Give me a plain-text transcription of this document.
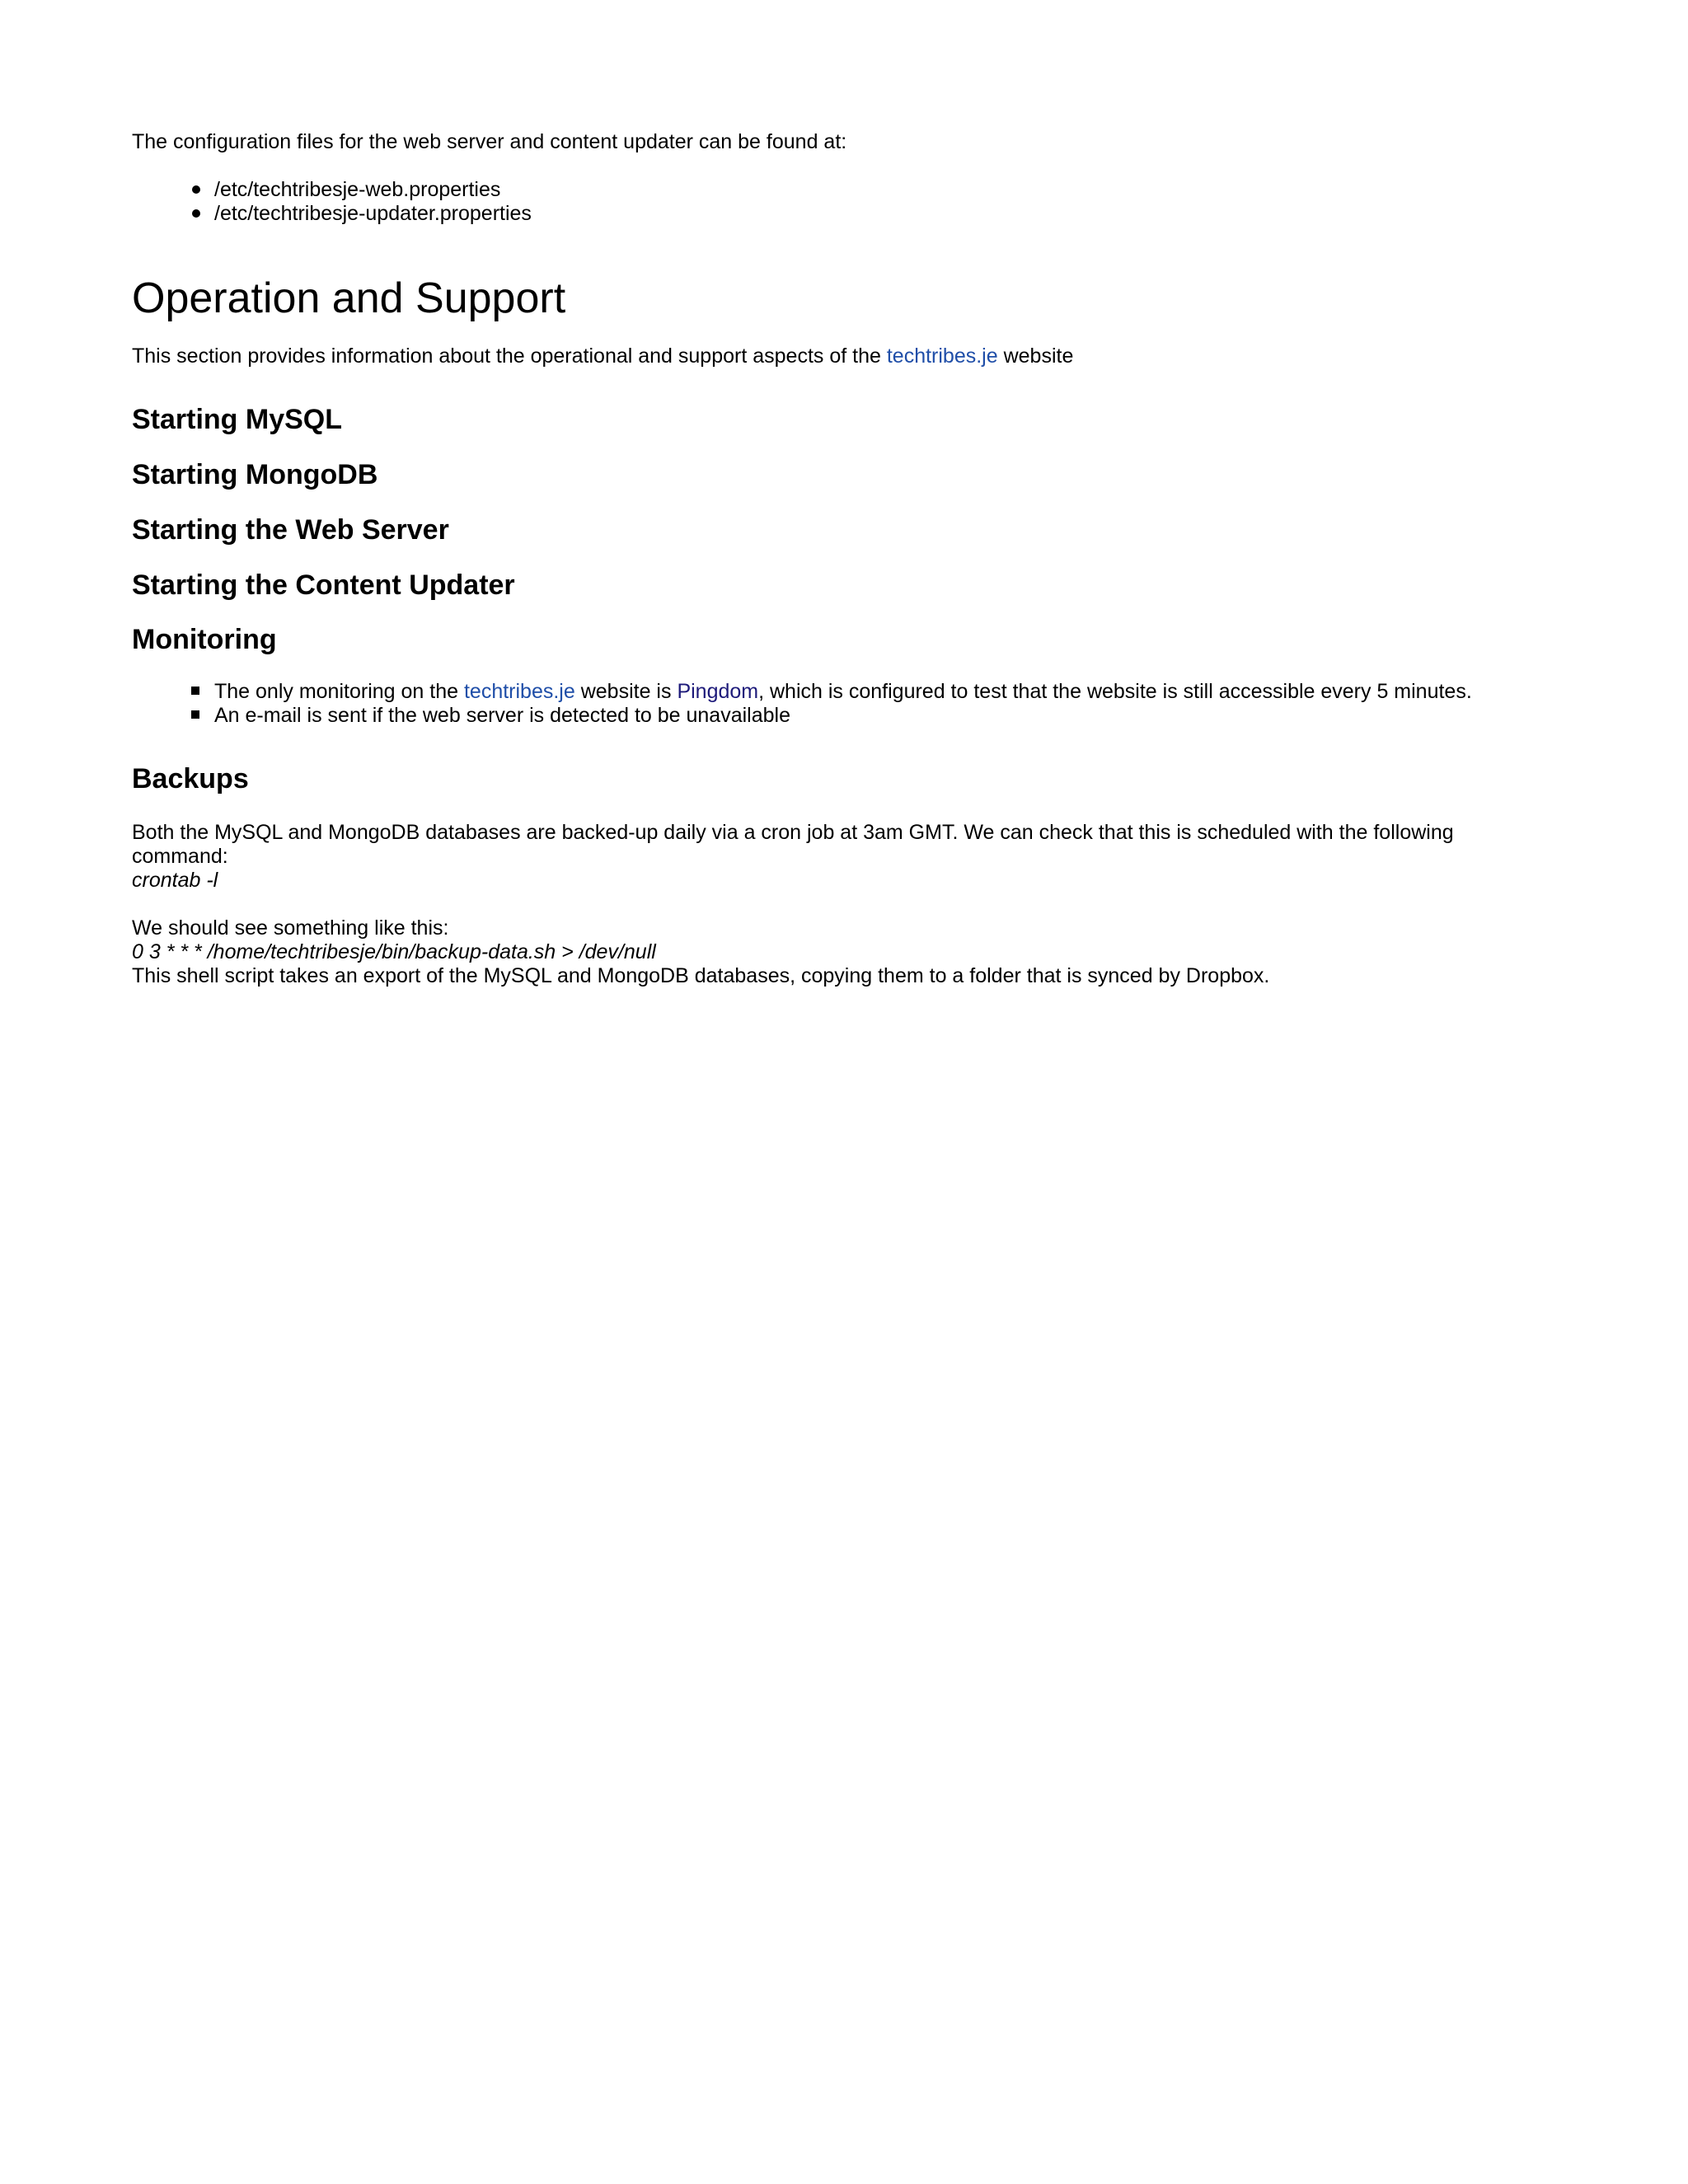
The configuration files for the web server and content updater can be found at:
/etc/techtribesje-web.properties
/etc/techtribesje-updater.properties
Operation and Support
This section provides information about the operational and support aspects of the techtribes.je website
Starting MySQL
Starting MongoDB
Starting the Web Server
Starting the Content Updater
Monitoring
The only monitoring on the techtribes.je website is Pingdom, which is configured to test that the website is still accessible every 5 minutes.
An e-mail is sent if the web server is detected to be unavailable
Backups
Both the MySQL and MongoDB databases are backed-up daily via a cron job at 3am GMT. We can check that this is scheduled with the following
command:
crontab -l
We should see something like this:
0 3 * * * /home/techtribesje/bin/backup-data.sh > /dev/null
This shell script takes an export of the MySQL and MongoDB databases, copying them to a folder that is synced by Dropbox.
